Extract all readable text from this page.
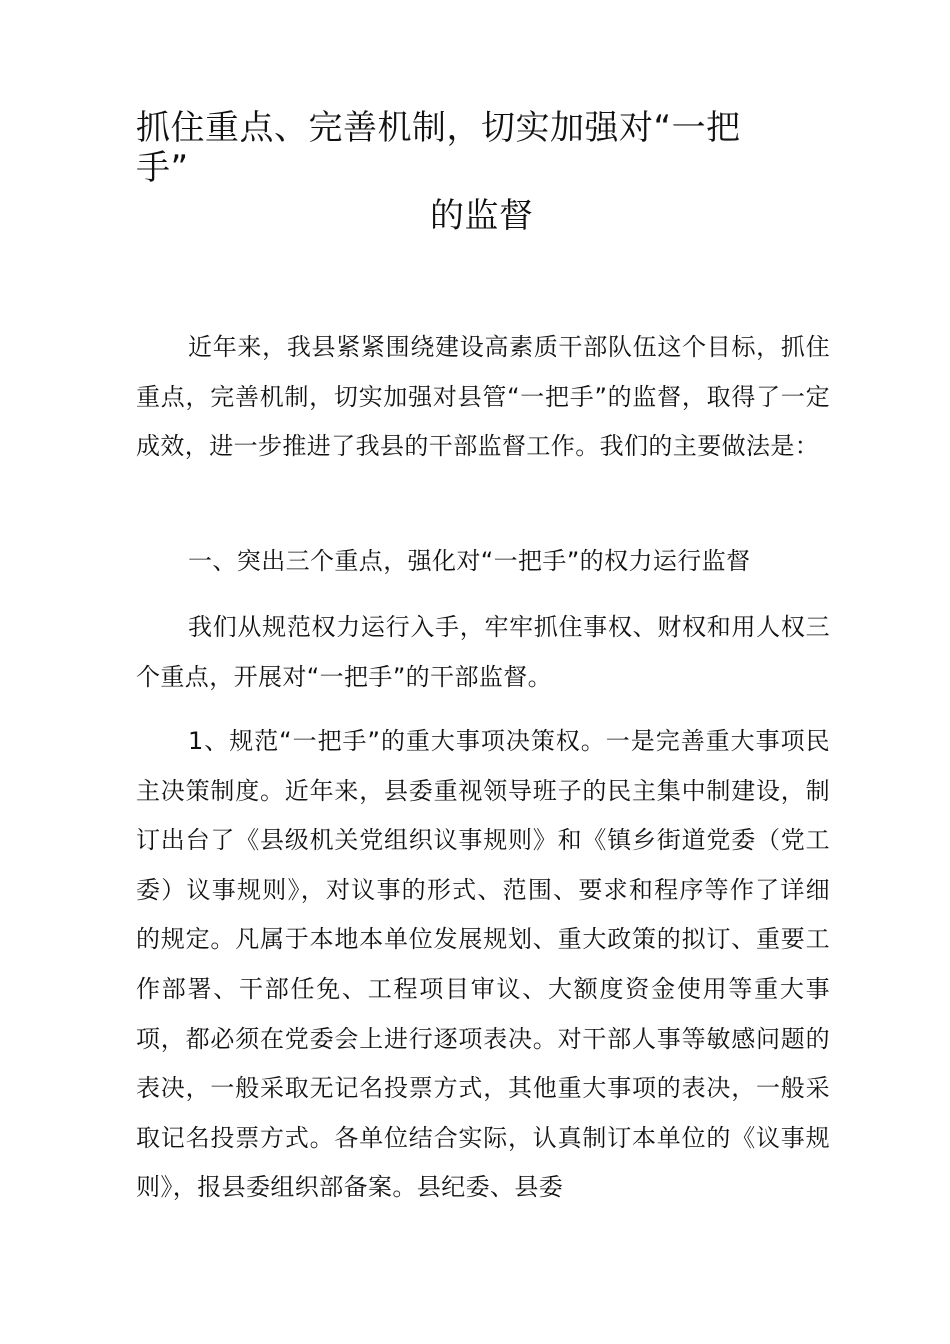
抓住重点、完善机制，切实加强对“一把
手”
的监督

近年来，我县紧紧围绕建设高素质干部队伍这个目标，抓住重点，完善机制，切实加强对县管“一把手”的监督，取得了一定成效，进一步推进了我县的干部监督工作。我们的主要做法是：

一、突出三个重点，强化对“一把手”的权力运行监督

我们从规范权力运行入手，牢牢抓住事权、财权和用人权三个重点，开展对“一把手”的干部监督。

1、规范“一把手”的重大事项决策权。一是完善重大事项民主决策制度。近年来，县委重视领导班子的民主集中制建设，制订出台了《县级机关党组织议事规则》和《镇乡街道党委（党工委）议事规则》，对议事的形式、范围、要求和程序等作了详细的规定。凡属于本地本单位发展规划、重大政策的拟订、重要工作部署、干部任免、工程项目审议、大额度资金使用等重大事项，都必须在党委会上进行逐项表决。对干部人事等敏感问题的表决，一般采取无记名投票方式，其他重大事项的表决，一般采取记名投票方式。各单位结合实际，认真制订本单位的《议事规则》，报县委组织部备案。县纪委、县委
